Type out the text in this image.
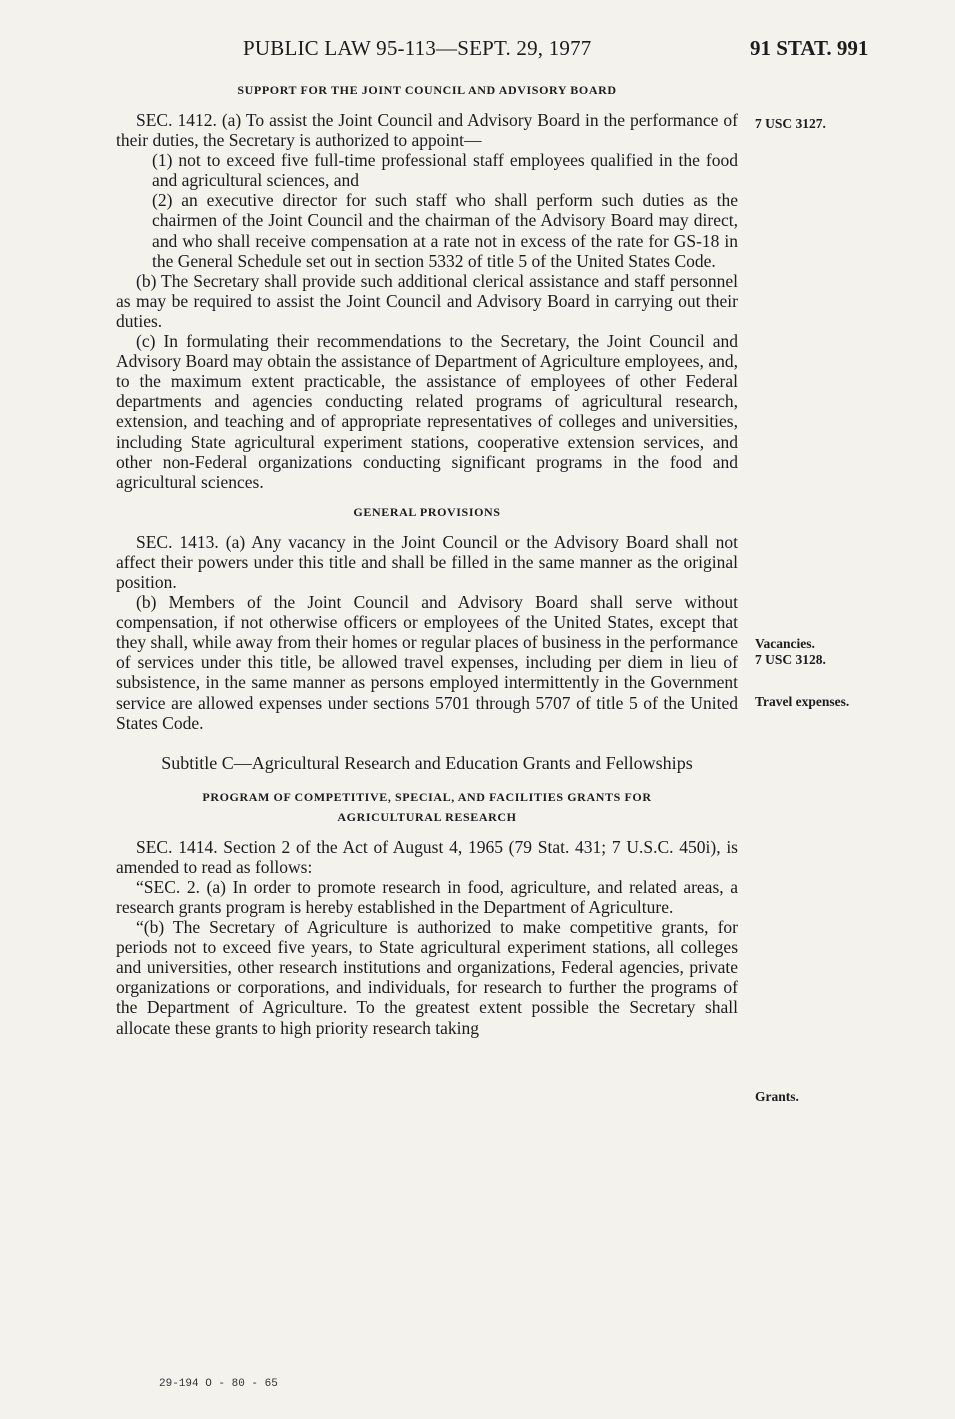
PUBLIC LAW 95-113—SEPT. 29, 1977	91 STAT. 991
SUPPORT FOR THE JOINT COUNCIL AND ADVISORY BOARD

SEC. 1412. (a) To assist the Joint Council and Advisory Board in the performance of their duties, the Secretary is authorized to appoint—

(1) not to exceed five full-time professional staff employees qualified in the food and agricultural sciences, and

(2) an executive director for such staff who shall perform such duties as the chairmen of the Joint Council and the chairman of the Advisory Board may direct, and who shall receive compensation at a rate not in excess of the rate for GS-18 in the General Schedule set out in section 5332 of title 5 of the United States Code.

(b) The Secretary shall provide such additional clerical assistance and staff personnel as may be required to assist the Joint Council and Advisory Board in carrying out their duties.

(c) In formulating their recommendations to the Secretary, the Joint Council and Advisory Board may obtain the assistance of Department of Agriculture employees, and, to the maximum extent practicable, the assistance of employees of other Federal departments and agencies conducting related programs of agricultural research, extension, and teaching and of appropriate representatives of colleges and universities, including State agricultural experiment stations, cooperative extension services, and other non-Federal organizations conducting significant programs in the food and agricultural sciences.

GENERAL PROVISIONS

SEC. 1413. (a) Any vacancy in the Joint Council or the Advisory Board shall not affect their powers under this title and shall be filled in the same manner as the original position.

(b) Members of the Joint Council and Advisory Board shall serve without compensation, if not otherwise officers or employees of the United States, except that they shall, while away from their homes or regular places of business in the performance of services under this title, be allowed travel expenses, including per diem in lieu of subsistence, in the same manner as persons employed intermittently in the Government service are allowed expenses under sections 5701 through 5707 of title 5 of the United States Code.

Subtitle C—Agricultural Research and Education Grants and Fellowships
PROGRAM OF COMPETITIVE, SPECIAL, AND FACILITIES GRANTS FOR
AGRICULTURAL RESEARCH

SEC. 1414. Section 2 of the Act of August 4, 1965 (79 Stat. 431; 7 U.S.C. 450i), is amended to read as follows:

“SEC. 2. (a) In order to promote research in food, agriculture, and related areas, a research grants program is hereby established in the Department of Agriculture.

“(b) The Secretary of Agriculture is authorized to make competitive grants, for periods not to exceed five years, to State agricultural experiment stations, all colleges and universities, other research institutions and organizations, Federal agencies, private organizations or corporations, and individuals, for research to further the programs of the Department of Agriculture. To the greatest extent possible the Secretary shall allocate these grants to high priority research taking

7 USC 3127.
Vacancies.
7 USC 3128.
Travel expenses.
Grants.
29-194 O - 80 - 65
